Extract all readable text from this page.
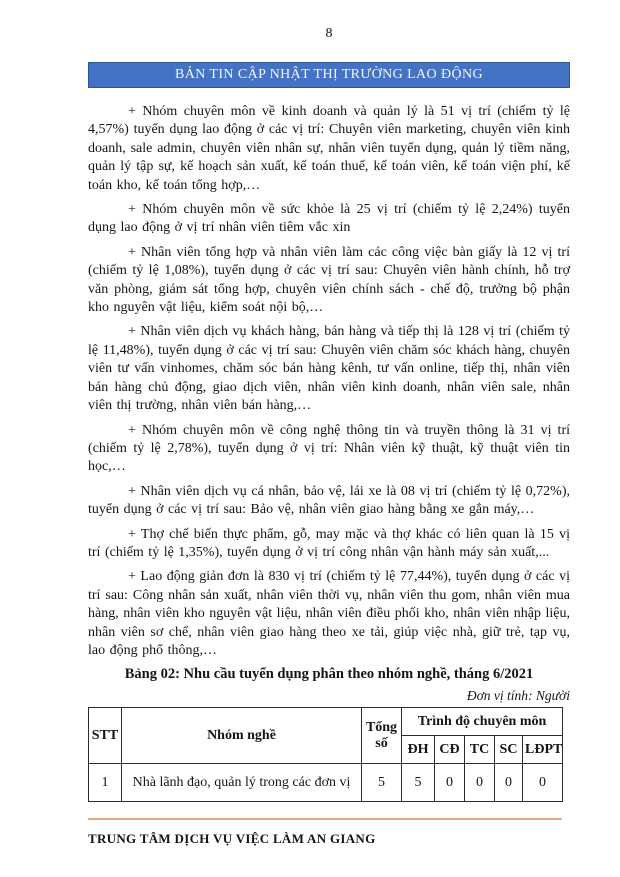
8
BẢN TIN CẬP NHẬT THỊ TRƯỜNG LAO ĐỘNG

+ Nhóm chuyên môn về kinh doanh và quản lý là 51 vị trí (chiếm tỷ lệ 4,57%) tuyển dụng lao động ở các vị trí: Chuyên viên marketing, chuyên viên kinh doanh, sale admin, chuyên viên nhân sự, nhân viên tuyển dụng, quản lý tiềm năng, quản lý tập sự, kế hoạch sản xuất, kế toán thuế, kế toán viên, kế toán viện phí, kế toán kho, kế toán tổng hợp,…

+ Nhóm chuyên môn về sức khỏe là 25 vị trí (chiếm tỷ lệ 2,24%) tuyển dụng lao động ở vị trí nhân viên tiêm vắc xin

+ Nhân viên tổng hợp và nhân viên làm các công việc bàn giấy là 12 vị trí (chiếm tỷ lệ 1,08%), tuyển dụng ở các vị trí sau: Chuyên viên hành chính, hỗ trợ văn phòng, giám sát tổng hợp, chuyên viên chính sách - chế độ, trưởng bộ phận kho nguyên vật liệu, kiểm soát nội bộ,…

+ Nhân viên dịch vụ khách hàng, bán hàng và tiếp thị là 128 vị trí (chiếm tỷ lệ 11,48%), tuyển dụng ở các vị trí sau: Chuyên viên chăm sóc khách hàng, chuyên viên tư vấn vinhomes, chăm sóc bán hàng kênh, tư vấn online, tiếp thị, nhân viên bán hàng chủ động, giao dịch viên, nhân viên kinh doanh, nhân viên sale, nhân viên thị trường, nhân viên bán hàng,…

+ Nhóm chuyên môn về công nghệ thông tin và truyền thông là 31 vị trí (chiếm tỷ lệ 2,78%), tuyển dụng ở vị trí: Nhân viên kỹ thuật, kỹ thuật viên tin học,…

+ Nhân viên dịch vụ cá nhân, bảo vệ, lái xe là 08 vị trí (chiếm tỷ lệ 0,72%), tuyển dụng ở các vị trí sau: Bảo vệ, nhân viên giao hàng bằng xe gắn máy,…

+ Thợ chế biến thực phẩm, gỗ, may mặc và thợ khác có liên quan là 15 vị trí (chiếm tỷ lệ 1,35%), tuyển dụng ở vị trí công nhân vận hành máy sản xuất,...

+ Lao động giản đơn là 830 vị trí (chiếm tỷ lệ 77,44%), tuyển dụng ở các vị trí sau: Công nhân sản xuất, nhân viên thời vụ, nhân viên thu gom, nhân viên mua hàng, nhân viên kho nguyên vật liệu, nhân viên điều phối kho, nhân viên nhập liệu, nhân viên sơ chế, nhân viên giao hàng theo xe tải, giúp việc nhà, giữ trẻ, tạp vụ, lao động phổ thông,…

Bảng 02: Nhu cầu tuyển dụng phân theo nhóm nghề, tháng 6/2021
Đơn vị tính: Người
STT	Nhóm nghề	Tổng số	Trình độ chuyên môn				
			ĐH	CĐ	TC	SC	LĐPT
1	Nhà lãnh đạo, quản lý trong các đơn vị	5	5	0	0	0	0
TRUNG TÂM DỊCH VỤ VIỆC LÀM AN GIANG
